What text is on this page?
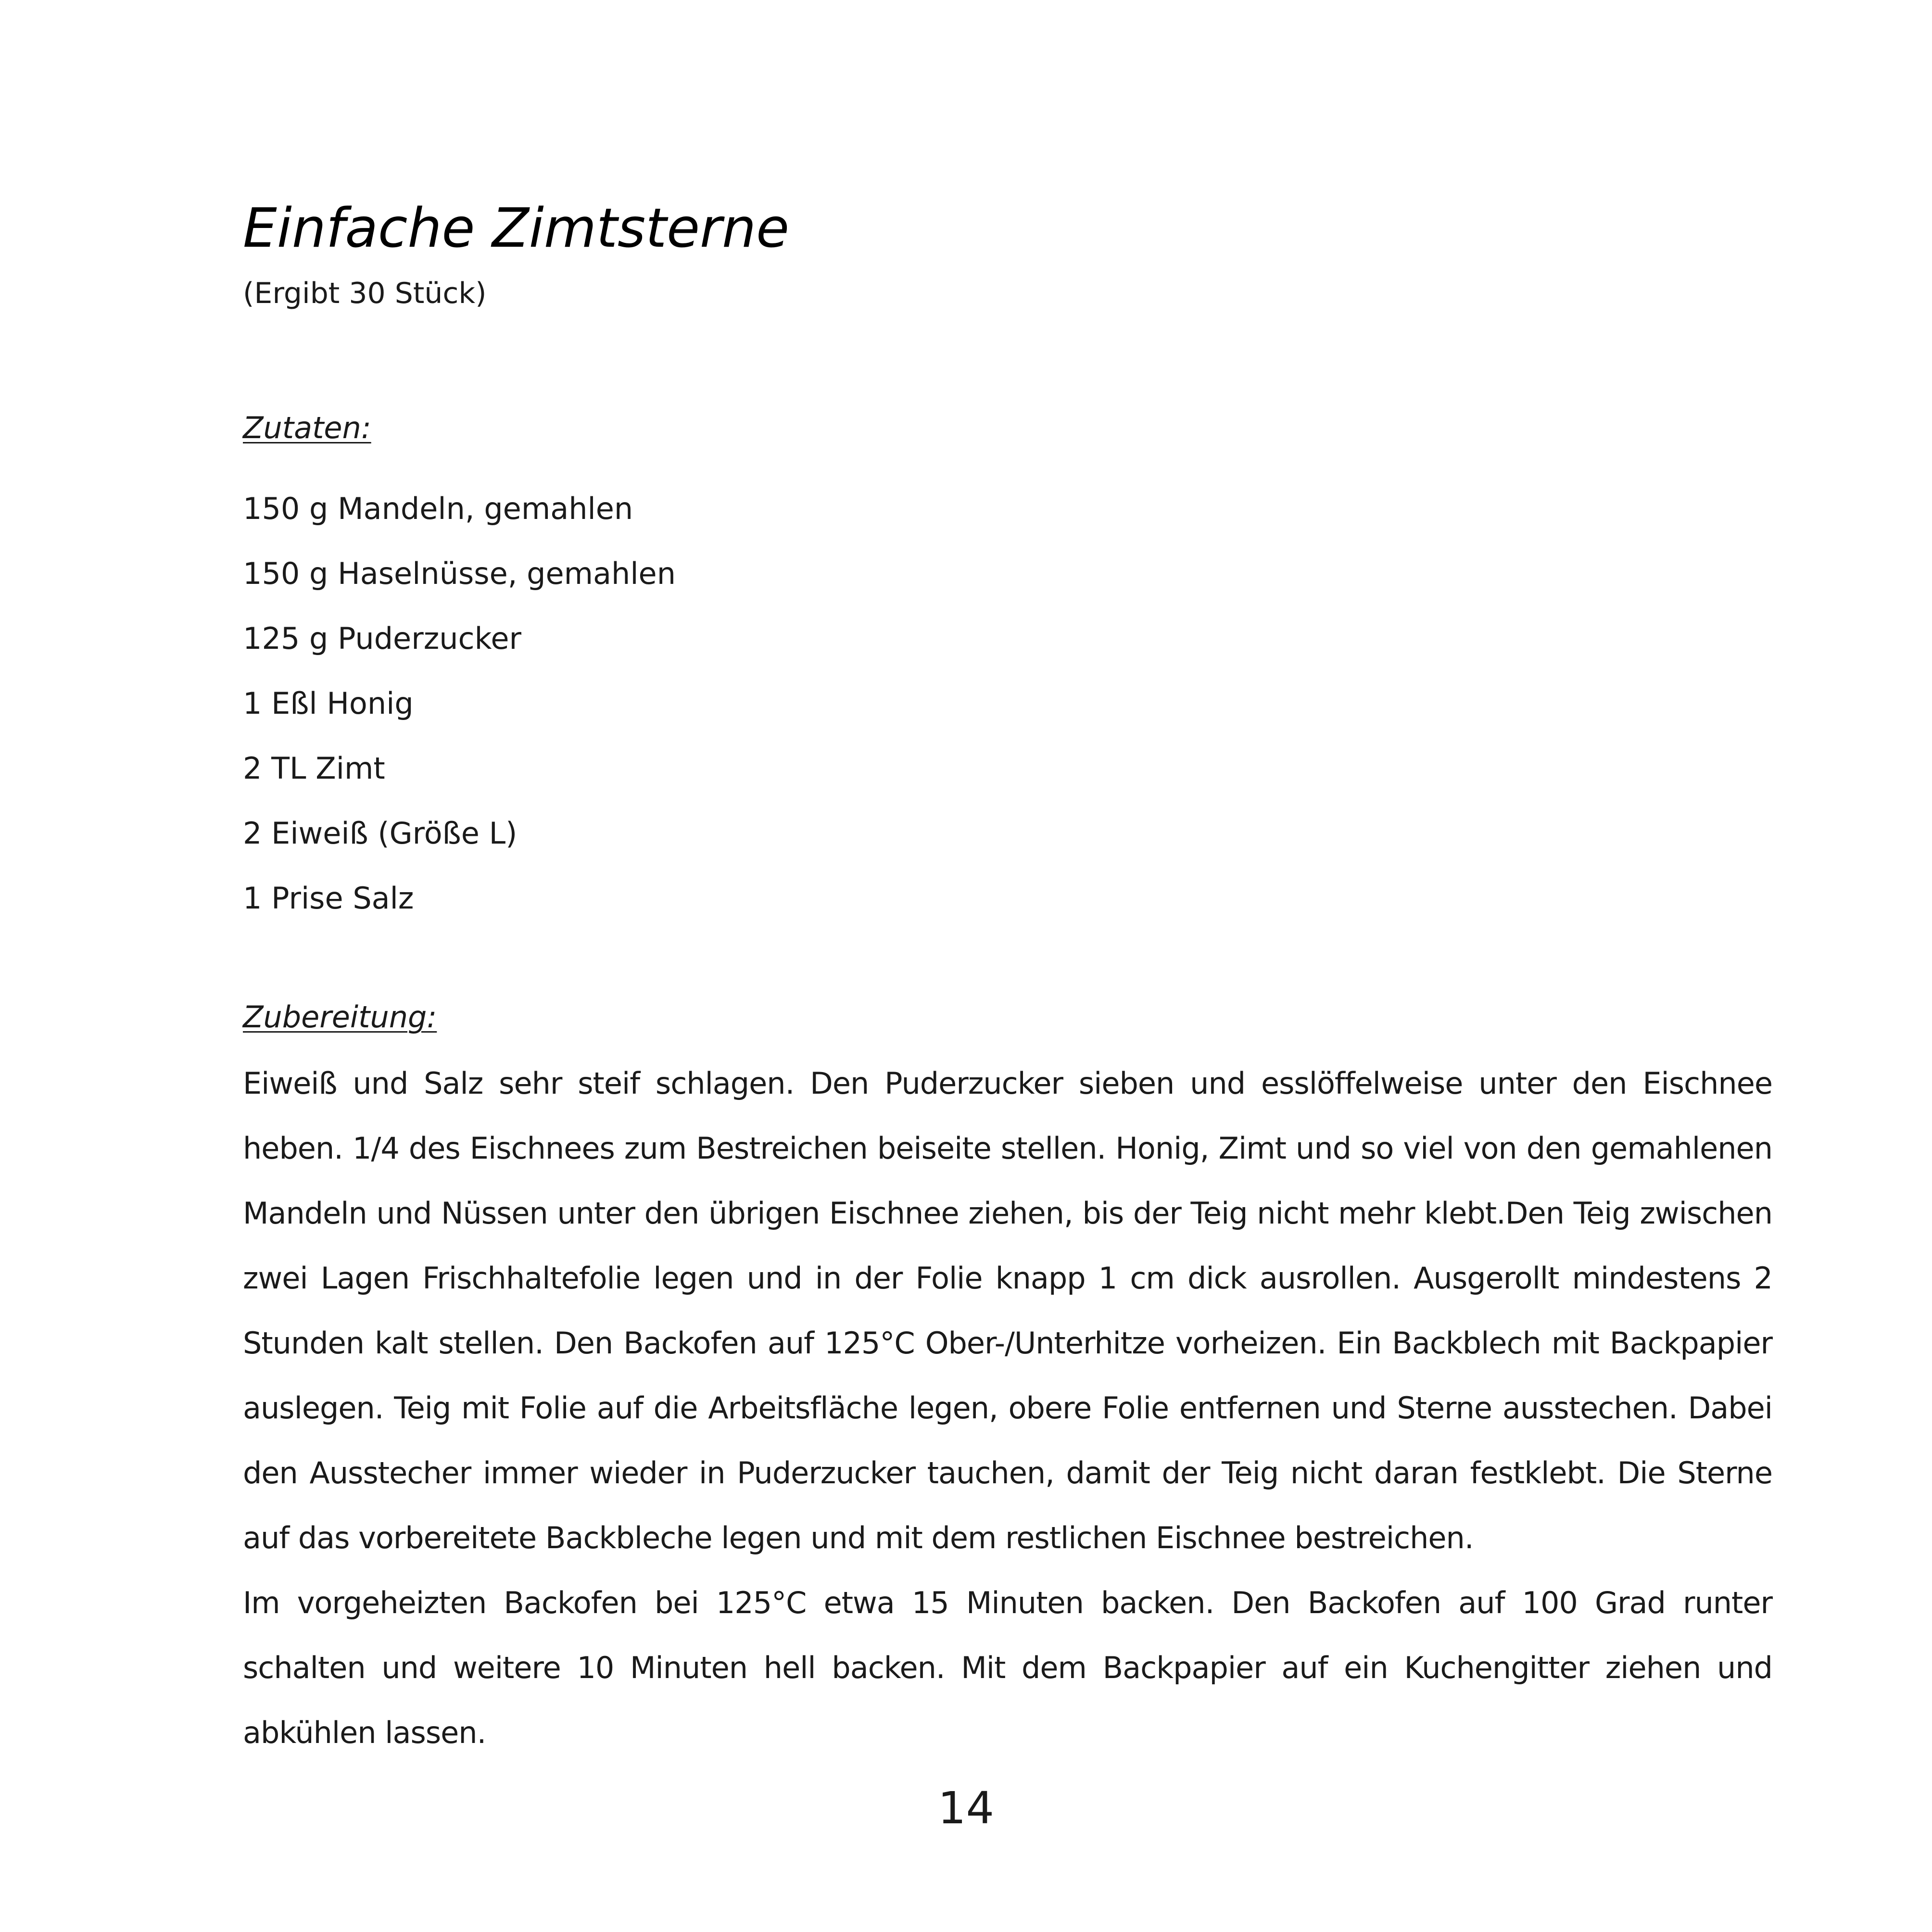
Einfache Zimtsterne

(Ergibt 30 Stück)

Zutaten:
150 g Mandeln, gemahlen
150 g Haselnüsse, gemahlen
125 g Puderzucker
1 Eßl Honig
2 TL Zimt
2 Eiweiß (Größe L)
1 Prise Salz
Zubereitung:

Eiweiß und Salz sehr steif schlagen. Den Puderzucker sieben und esslöffelweise unter den Eischnee heben. 1/4 des Eischnees zum Bestreichen beiseite stellen. Honig, Zimt und so viel von den gemahlenen Mandeln und Nüssen unter den übrigen Eischnee ziehen, bis der Teig nicht mehr klebt.Den Teig zwischen zwei Lagen Frischhaltefolie legen und in der Folie knapp 1 cm dick ausrollen. Ausgerollt mindestens 2 Stunden kalt stellen. Den Backofen auf 125°C Ober-/Unterhitze vorheizen. Ein Backblech mit Backpapier auslegen. Teig mit Folie auf die Arbeitsfläche legen, obere Folie entfernen und Sterne ausstechen. Dabei den Ausstecher immer wieder in Puderzucker tauchen, damit der Teig nicht daran festklebt. Die Sterne auf das vorbereitete Backbleche legen und mit dem restlichen Eischnee bestreichen.

Im vorgeheizten Backofen bei 125°C etwa 15 Minuten backen. Den Backofen auf 100 Grad runter schalten und weitere 10 Minuten hell backen. Mit dem Backpapier auf ein Kuchengitter ziehen und abkühlen lassen.

14
